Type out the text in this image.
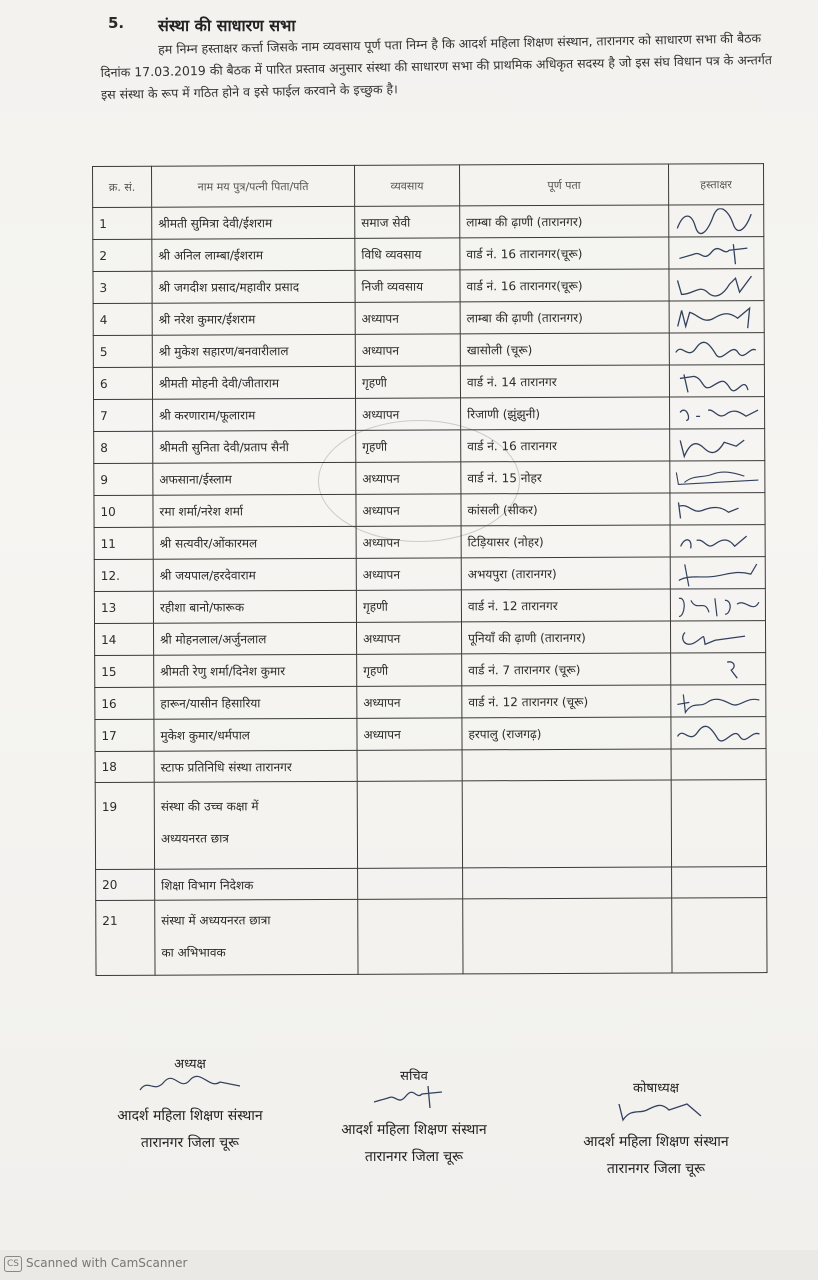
5. संस्था की साधारण सभा
हम निम्न हस्ताक्षर कर्त्ता जिसके नाम व्यवसाय पूर्ण पता निम्न है कि आदर्श महिला शिक्षण संस्थान, तारानगर को साधारण सभा की बैठक दिनांक 17.03.2019 की बैठक में पारित प्रस्ताव अनुसार संस्था की साधारण सभा की प्राथमिक अधिकृत सदस्य है जो इस संघ विधान पत्र के अन्तर्गत इस संस्था के रूप में गठित होने व इसे फाईल करवाने के इच्छुक है।
क्र. सं.	नाम मय पुत्र/पत्नी पिता/पति	व्यवसाय	पूर्ण पता	हस्ताक्षर
1	श्रीमती सुमित्रा देवी/ईशराम	समाज सेवी	लाम्बा की ढ़ाणी (तारानगर)	

2	श्री अनिल लाम्बा/ईशराम	विधि व्यवसाय	वार्ड नं. 16 तारानगर(चूरू)	

3	श्री जगदीश प्रसाद/महावीर प्रसाद	निजी व्यवसाय	वार्ड नं. 16 तारानगर(चूरू)	

4	श्री नरेश कुमार/ईशराम	अध्यापन	लाम्बा की ढ़ाणी (तारानगर)	

5	श्री मुकेश सहारण/बनवारीलाल	अध्यापन	खासोली (चूरू)	

6	श्रीमती मोहनी देवी/जीताराम	गृहणी	वार्ड नं. 14 तारानगर	

7	श्री करणाराम/फूलाराम	अध्यापन	रिजाणी (झुंझुनी)	

8	श्रीमती सुनिता देवी/प्रताप सैनी	गृहणी	वार्ड नं. 16 तारानगर	

9	अफसाना/ईस्लाम	अध्यापन	वार्ड नं. 15 नोहर	

10	रमा शर्मा/नरेश शर्मा	अध्यापन	कांसली (सीकर)	

11	श्री सत्यवीर/ओंकारमल	अध्यापन	टिड़ियासर (नोहर)	

12.	श्री जयपाल/हरदेवाराम	अध्यापन	अभयपुरा (तारानगर)	

13	रहीशा बानो/फारूक	गृहणी	वार्ड नं. 12 तारानगर	

14	श्री मोहनलाल/अर्जुनलाल	अध्यापन	पूनियाँ की ढ़ाणी (तारानगर)	

15	श्रीमती रेणु शर्मा/दिनेश कुमार	गृहणी	वार्ड नं. 7 तारानगर (चूरू)	

16	हारून/यासीन हिसारिया	अध्यापन	वार्ड नं. 12 तारानगर (चूरू)	

17	मुकेश कुमार/धर्मपाल	अध्यापन	हरपालु (राजगढ़)	

18	स्टाफ प्रतिनिधि संस्था तारानगर			
19	संस्था की उच्च कक्षा में
अध्ययनरत छात्र			

20	शिक्षा विभाग निदेशक			
21	संस्था में अध्ययनरत छात्रा
का अभिभावक			

अध्यक्ष
आदर्श महिला शिक्षण संस्थान
तारानगर जिला चूरू
सचिव
आदर्श महिला शिक्षण संस्थान
तारानगर जिला चूरू
कोषाध्यक्ष
आदर्श महिला शिक्षण संस्थान
तारानगर जिला चूरू
CS Scanned with CamScanner
